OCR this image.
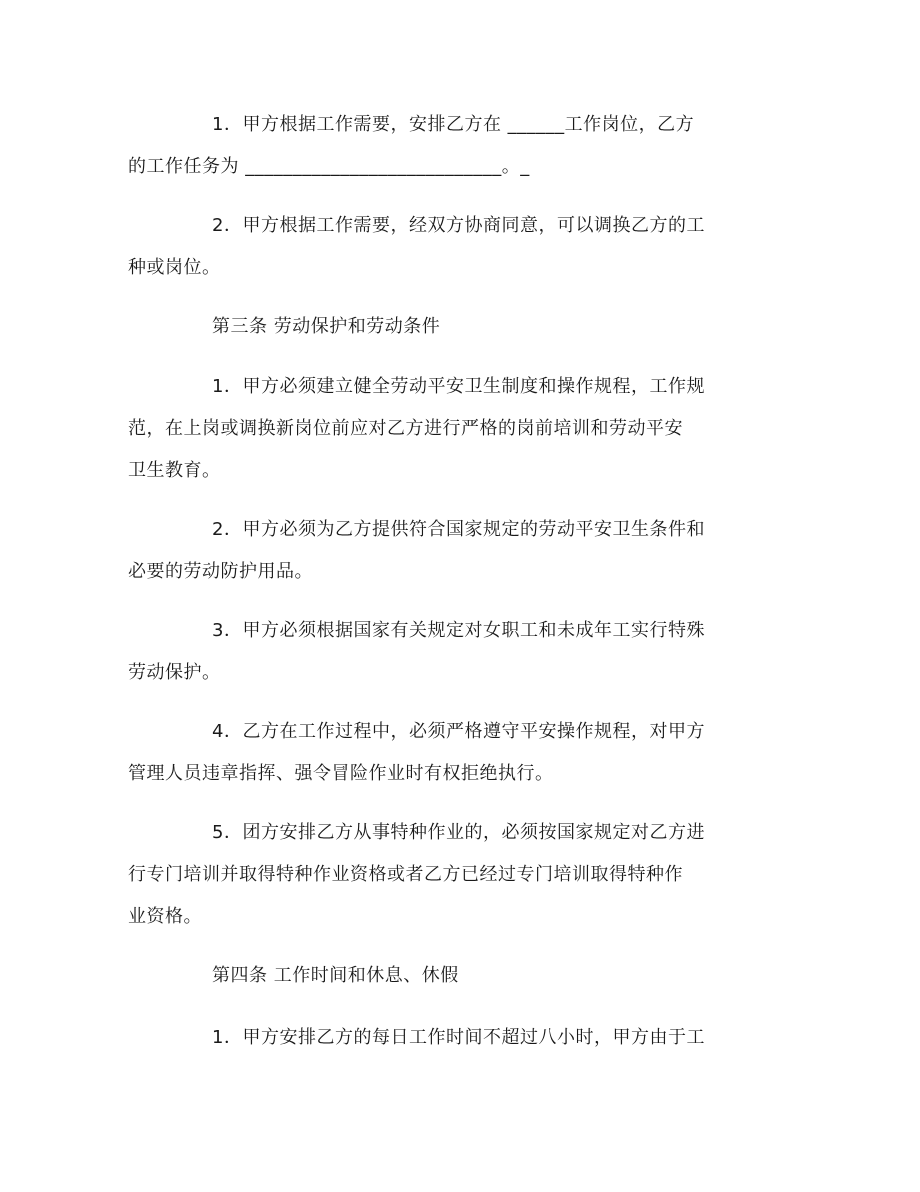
1．甲方根据工作需要，安排乙方在 ______工作岗位，乙方
的工作任务为 ___________________________。_
2．甲方根据工作需要，经双方协商同意，可以调换乙方的工
种或岗位。
第三条 劳动保护和劳动条件
1．甲方必须建立健全劳动平安卫生制度和操作规程，工作规
范，在上岗或调换新岗位前应对乙方进行严格的岗前培训和劳动平安
卫生教育。
2．甲方必须为乙方提供符合国家规定的劳动平安卫生条件和
必要的劳动防护用品。
3．甲方必须根据国家有关规定对女职工和未成年工实行特殊
劳动保护。
4．乙方在工作过程中，必须严格遵守平安操作规程，对甲方
管理人员违章指挥、强令冒险作业时有权拒绝执行。
5．团方安排乙方从事特种作业的，必须按国家规定对乙方进
行专门培训并取得特种作业资格或者乙方已经过专门培训取得特种作
业资格。
第四条 工作时间和休息、休假
1．甲方安排乙方的每日工作时间不超过八小时，甲方由于工
